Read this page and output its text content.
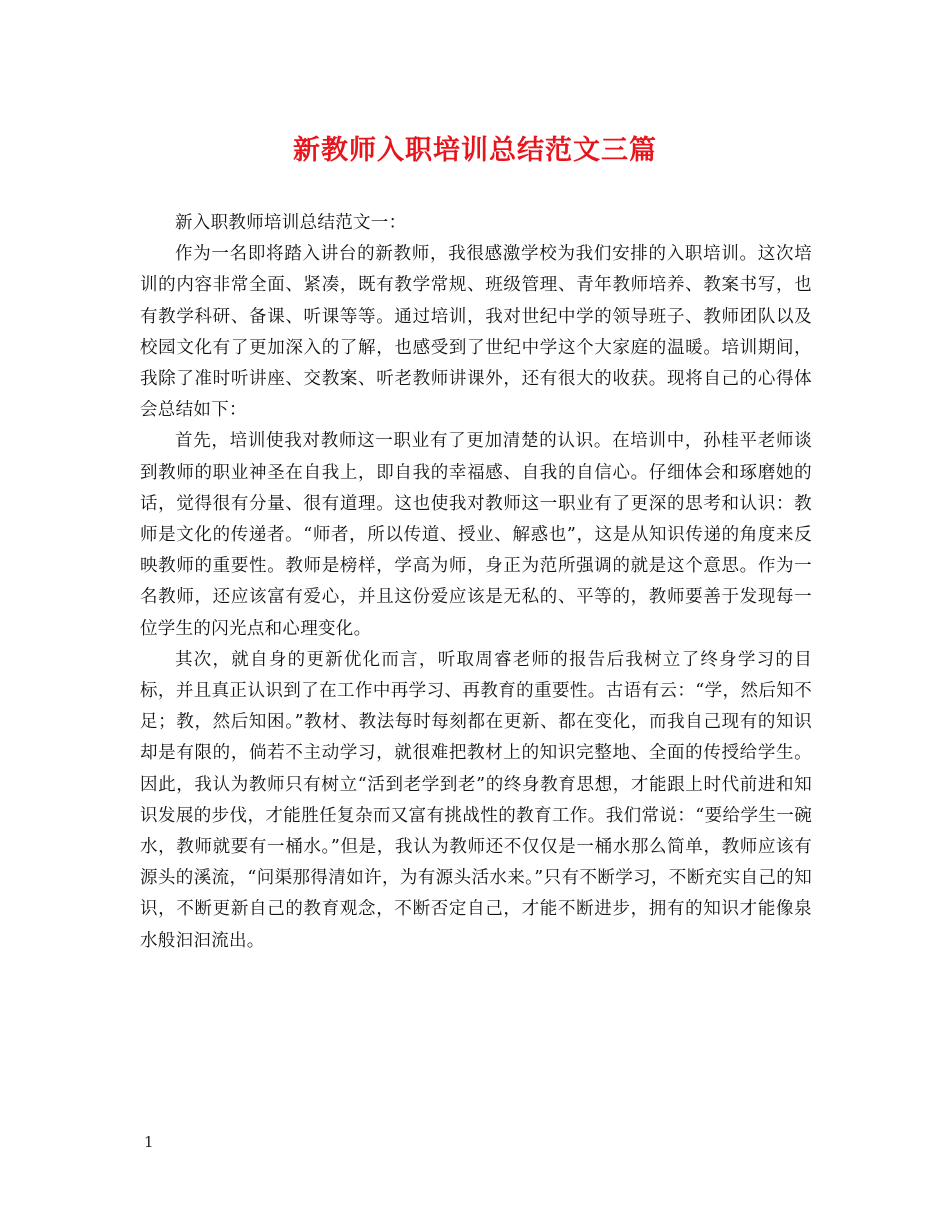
新教师入职培训总结范文三篇

新入职教师培训总结范文一：

作为一名即将踏入讲台的新教师，我很感激学校为我们安排的入职培训。这次培训的内容非常全面、紧凑，既有教学常规、班级管理、青年教师培养、教案书写，也有教学科研、备课、听课等等。通过培训，我对世纪中学的领导班子、教师团队以及校园文化有了更加深入的了解，也感受到了世纪中学这个大家庭的温暖。培训期间，我除了准时听讲座、交教案、听老教师讲课外，还有很大的收获。现将自己的心得体会总结如下：

首先，培训使我对教师这一职业有了更加清楚的认识。在培训中，孙桂平老师谈到教师的职业神圣在自我上，即自我的幸福感、自我的自信心。仔细体会和琢磨她的话，觉得很有分量、很有道理。这也使我对教师这一职业有了更深的思考和认识：教师是文化的传递者。“师者，所以传道、授业、解惑也”，这是从知识传递的角度来反映教师的重要性。教师是榜样，学高为师，身正为范所强调的就是这个意思。作为一名教师，还应该富有爱心，并且这份爱应该是无私的、平等的，教师要善于发现每一位学生的闪光点和心理变化。

其次，就自身的更新优化而言，听取周睿老师的报告后我树立了终身学习的目标，并且真正认识到了在工作中再学习、再教育的重要性。古语有云：“学，然后知不足；教，然后知困。”教材、教法每时每刻都在更新、都在变化，而我自己现有的知识却是有限的，倘若不主动学习，就很难把教材上的知识完整地、全面的传授给学生。因此，我认为教师只有树立“活到老学到老”的终身教育思想，才能跟上时代前进和知识发展的步伐，才能胜任复杂而又富有挑战性的教育工作。我们常说：“要给学生一碗水，教师就要有一桶水。”但是，我认为教师还不仅仅是一桶水那么简单，教师应该有源头的溪流，“问渠那得清如许，为有源头活水来。”只有不断学习，不断充实自己的知识，不断更新自己的教育观念，不断否定自己，才能不断进步，拥有的知识才能像泉水般汩汩流出。

1
